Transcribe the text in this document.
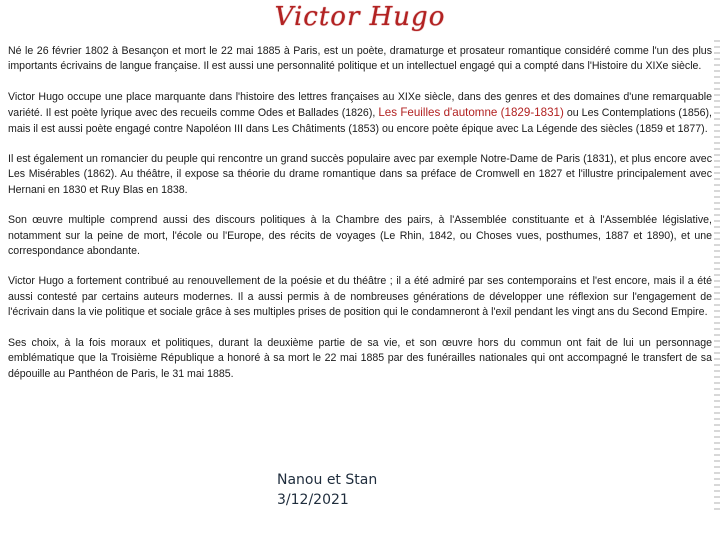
Victor Hugo

Né le 26 février 1802 à Besançon et mort le 22 mai 1885 à Paris, est un poète, dramaturge et prosateur romantique considéré comme l'un des plus importants écrivains de langue française. Il est aussi une personnalité politique et un intellectuel engagé qui a compté dans l'Histoire du XIXe siècle.

Victor Hugo occupe une place marquante dans l'histoire des lettres françaises au XIXe siècle, dans des genres et des domaines d'une remarquable variété. Il est poète lyrique avec des recueils comme Odes et Ballades (1826), Les Feuilles d'automne (1829-1831) ou Les Contemplations (1856), mais il est aussi poète engagé contre Napoléon III dans Les Châtiments (1853) ou encore poète épique avec La Légende des siècles (1859 et 1877).

Il est également un romancier du peuple qui rencontre un grand succès populaire avec par exemple Notre-Dame de Paris (1831), et plus encore avec Les Misérables (1862). Au théâtre, il expose sa théorie du drame romantique dans sa préface de Cromwell en 1827 et l'illustre principalement avec Hernani en 1830 et Ruy Blas en 1838.

Son œuvre multiple comprend aussi des discours politiques à la Chambre des pairs, à l'Assemblée constituante et à l'Assemblée législative, notamment sur la peine de mort, l'école ou l'Europe, des récits de voyages (Le Rhin, 1842, ou Choses vues, posthumes, 1887 et 1890), et une correspondance abondante.

Victor Hugo a fortement contribué au renouvellement de la poésie et du théâtre ; il a été admiré par ses contemporains et l'est encore, mais il a été aussi contesté par certains auteurs modernes. Il a aussi permis à de nombreuses générations de développer une réflexion sur l'engagement de l'écrivain dans la vie politique et sociale grâce à ses multiples prises de position qui le condamneront à l'exil pendant les vingt ans du Second Empire.

Ses choix, à la fois moraux et politiques, durant la deuxième partie de sa vie, et son œuvre hors du commun ont fait de lui un personnage emblématique que la Troisième République a honoré à sa mort le 22 mai 1885 par des funérailles nationales qui ont accompagné le transfert de sa dépouille au Panthéon de Paris, le 31 mai 1885.

Nanou et Stan
3/12/2021
